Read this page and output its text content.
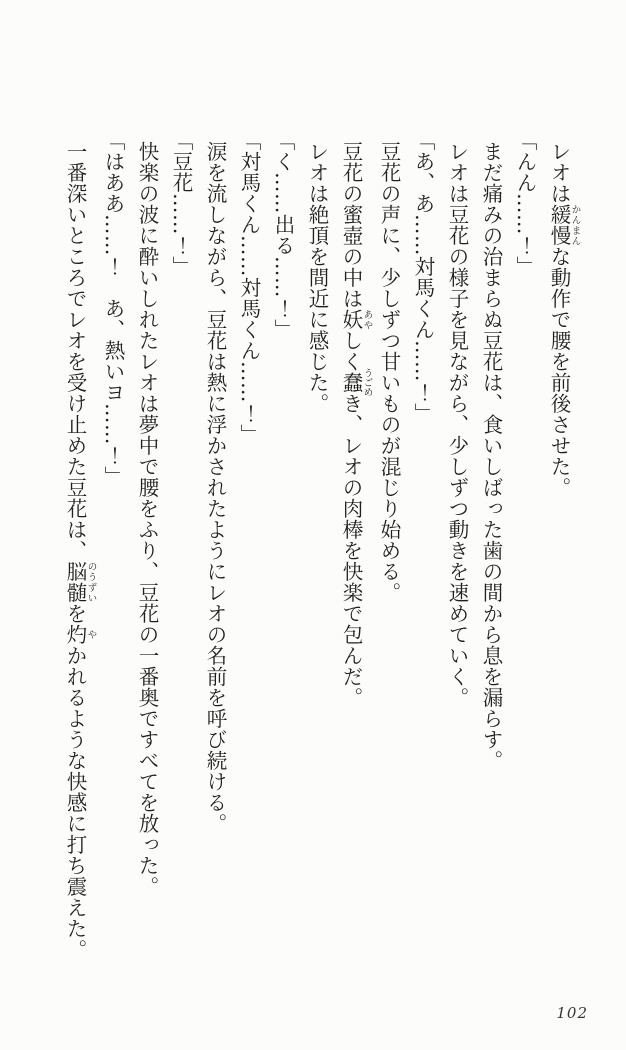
レオは緩慢かんまんな動作で腰を前後させた。

「んん……！」

まだ痛みの治まらぬ豆花は、食いしばった歯の間から息を漏らす。

レオは豆花の様子を見ながら、少しずつ動きを速めていく。

「あ、あ……対馬くん……！」

豆花の声に、少しずつ甘いものが混じり始める。

豆花の蜜壺の中は妖あやしく蠢うごめき、レオの肉棒を快楽で包んだ。

レオは絶頂を間近に感じた。

「く……出る……！」

「対馬くん……対馬くん……！」

涙を流しながら、豆花は熱に浮かされたようにレオの名前を呼び続ける。

「豆花……！」

快楽の波に酔いしれたレオは夢中で腰をふり、豆花の一番奥ですべてを放った。

「はああ……！　あ、熱いヨ……！」

一番深いところでレオを受け止めた豆花は、脳髄のうずいを灼やかれるような快感に打ち震えた。

102
